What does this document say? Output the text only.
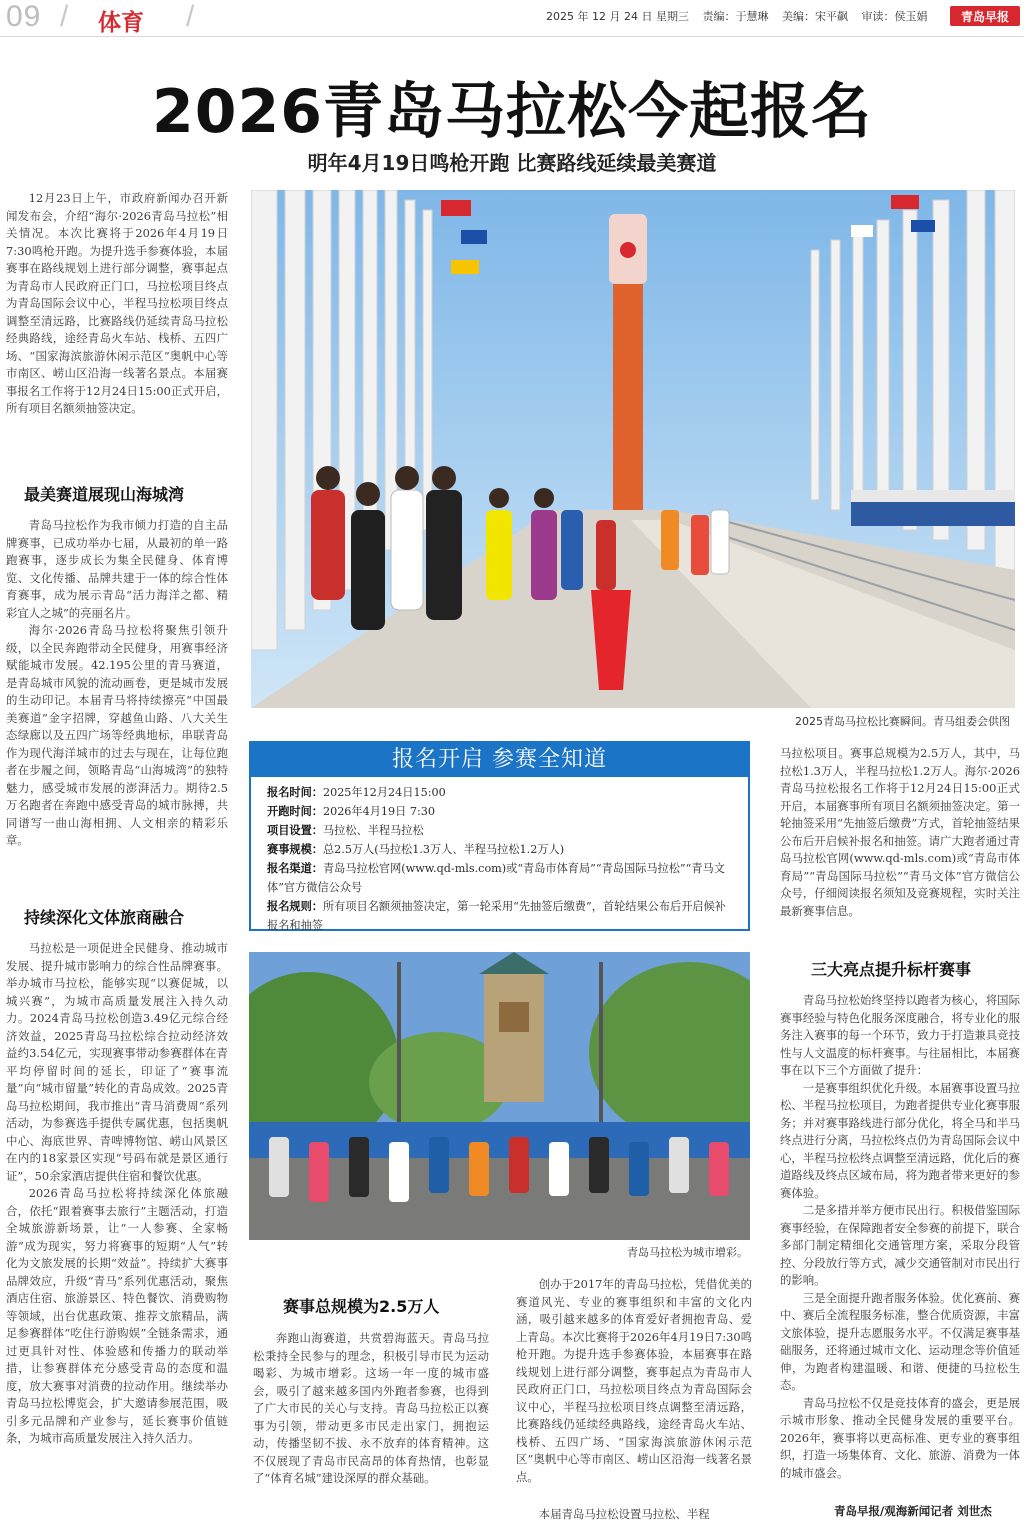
09 / 体育 /	2025 年 12 月 24 日 星期三 责编：于慧琳 美编：宋平飙 审读：侯玉娟	青岛早报
2026青岛马拉松今起报名
明年4月19日鸣枪开跑 比赛路线延续最美赛道

12月23日上午，市政府新闻办召开新闻发布会，介绍“海尔·2026青岛马拉松”相关情况。本次比赛将于2026年4月19日7:30鸣枪开跑。为提升选手参赛体验，本届赛事在路线规划上进行部分调整，赛事起点为青岛市人民政府正门口，马拉松项目终点为青岛国际会议中心，半程马拉松项目终点调整至清远路，比赛路线仍延续青岛马拉松经典路线，途经青岛火车站、栈桥、五四广场、“国家海滨旅游休闲示范区”奥帆中心等市南区、崂山区沿海一线著名景点。本届赛事报名工作将于12月24日15:00正式开启，所有项目名额须抽签决定。

最美赛道展现山海城湾

青岛马拉松作为我市倾力打造的自主品牌赛事，已成功举办七届，从最初的单一路跑赛事，逐步成长为集全民健身、体育博览、文化传播、品牌共建于一体的综合性体育赛事，成为展示青岛“活力海洋之都、精彩宜人之城”的亮丽名片。

海尔·2026青岛马拉松将聚焦引领升级，以全民奔跑带动全民健身，用赛事经济赋能城市发展。42.195公里的青马赛道，是青岛城市风貌的流动画卷，更是城市发展的生动印记。本届青马将持续擦亮“中国最美赛道”金字招牌，穿越鱼山路、八大关生态绿廊以及五四广场等经典地标，串联青岛作为现代海洋城市的过去与现在，让每位跑者在步履之间，领略青岛“山海城湾”的独特魅力，感受城市发展的澎湃活力。期待2.5万名跑者在奔跑中感受青岛的城市脉搏，共同谱写一曲山海相拥、人文相亲的精彩乐章。

持续深化文体旅商融合

马拉松是一项促进全民健身、推动城市发展、提升城市影响力的综合性品牌赛事。举办城市马拉松，能够实现“以赛促城，以城兴赛”，为城市高质量发展注入持久动力。2024青岛马拉松创造3.49亿元综合经济效益，2025青岛马拉松综合拉动经济效益约3.54亿元，实现赛事带动参赛群体在青平均停留时间的延长，印证了“赛事流量”向“城市留量”转化的青岛成效。2025青岛马拉松期间，我市推出“青马消费周”系列活动，为参赛选手提供专属优惠，包括奥帆中心、海底世界、青啤博物馆、崂山风景区在内的18家景区实现“号码布就是景区通行证”，50余家酒店提供住宿和餐饮优惠。

2026青岛马拉松将持续深化体旅融合，依托“跟着赛事去旅行”主题活动，打造全城旅游新场景，让“一人参赛、全家畅游”成为现实，努力将赛事的短期“人气”转化为文旅发展的长期“效益”。持续扩大赛事品牌效应，升级“青马”系列优惠活动，聚焦酒店住宿、旅游景区、特色餐饮、消费购物等领域，出台优惠政策、推荐文旅精品，满足参赛群体“吃住行游购娱”全链条需求，通过更具针对性、体验感和传播力的联动举措，让参赛群体充分感受青岛的态度和温度，放大赛事对消费的拉动作用。继续举办青岛马拉松博览会，扩大邀请参展范围，吸引多元品牌和产业参与，延长赛事价值链条，为城市高质量发展注入持久活力。

2025青岛马拉松比赛瞬间。青马组委会供图
报名开启 参赛全知道
报名时间：2025年12月24日15:00
开跑时间：2026年4月19日 7:30
项目设置：马拉松、半程马拉松
赛事规模：总2.5万人(马拉松1.3万人、半程马拉松1.2万人)
报名渠道：青岛马拉松官网(www.qd-mls.com)或“青岛市体育局”“青岛国际马拉松”“青马文体”官方微信公众号
报名规则：所有项目名额须抽签决定，第一轮采用“先抽签后缴费”，首轮结果公布后开启候补报名和抽签
青岛马拉松为城市增彩。
赛事总规模为2.5万人

奔跑山海赛道，共赏碧海蓝天。青岛马拉松秉持全民参与的理念，积极引导市民为运动喝彩、为城市增彩。这场一年一度的城市盛会，吸引了越来越多国内外跑者参赛，也得到了广大市民的关心与支持。青岛马拉松正以赛事为引领，带动更多市民走出家门，拥抱运动，传播坚韧不拔、永不放弃的体育精神。这不仅展现了青岛市民高昂的体育热情，也彰显了“体育名城”建设深厚的群众基础。

创办于2017年的青岛马拉松，凭借优美的赛道风光、专业的赛事组织和丰富的文化内涵，吸引越来越多的体育爱好者拥抱青岛、爱上青岛。本次比赛将于2026年4月19日7:30鸣枪开跑。为提升选手参赛体验，本届赛事在路线规划上进行部分调整，赛事起点为青岛市人民政府正门口，马拉松项目终点为青岛国际会议中心，半程马拉松项目终点调整至清远路，比赛路线仍延续经典路线，途经青岛火车站、栈桥、五四广场、“国家海滨旅游休闲示范区”奥帆中心等市南区、崂山区沿海一线著名景点。

本届青岛马拉松设置马拉松、半程

马拉松项目。赛事总规模为2.5万人，其中，马拉松1.3万人，半程马拉松1.2万人。海尔·2026青岛马拉松报名工作将于12月24日15:00正式开启，本届赛事所有项目名额须抽签决定。第一轮抽签采用“先抽签后缴费”方式，首轮抽签结果公布后开启候补报名和抽签。请广大跑者通过青岛马拉松官网(www.qd-mls.com)或“青岛市体育局”“青岛国际马拉松”“青马文体”官方微信公众号，仔细阅读报名须知及竞赛规程，实时关注最新赛事信息。

三大亮点提升标杆赛事

青岛马拉松始终坚持以跑者为核心，将国际赛事经验与特色化服务深度融合，将专业化的服务注入赛事的每一个环节，致力于打造兼具竞技性与人文温度的标杆赛事。与往届相比，本届赛事在以下三个方面做了提升：

一是赛事组织优化升级。本届赛事设置马拉松、半程马拉松项目，为跑者提供专业化赛事服务；并对赛事路线进行部分优化，将全马和半马终点进行分离，马拉松终点仍为青岛国际会议中心，半程马拉松终点调整至清远路，优化后的赛道路线及终点区域布局，将为跑者带来更好的参赛体验。

二是多措并举方便市民出行。积极借鉴国际赛事经验，在保障跑者安全参赛的前提下，联合多部门制定精细化交通管理方案，采取分段管控、分段放行等方式，减少交通管制对市民出行的影响。

三是全面提升跑者服务体验。优化赛前、赛中、赛后全流程服务标准，整合优质资源，丰富文旅体验，提升志愿服务水平。不仅满足赛事基础服务，还将通过城市文化、运动理念等价值延伸，为跑者构建温暖、和谐、便捷的马拉松生态。

青岛马拉松不仅是竞技体育的盛会，更是展示城市形象、推动全民健身发展的重要平台。2026年，赛事将以更高标准、更专业的赛事组织，打造一场集体育、文化、旅游、消费为一体的城市盛会。

青岛早报/观海新闻记者 刘世杰
